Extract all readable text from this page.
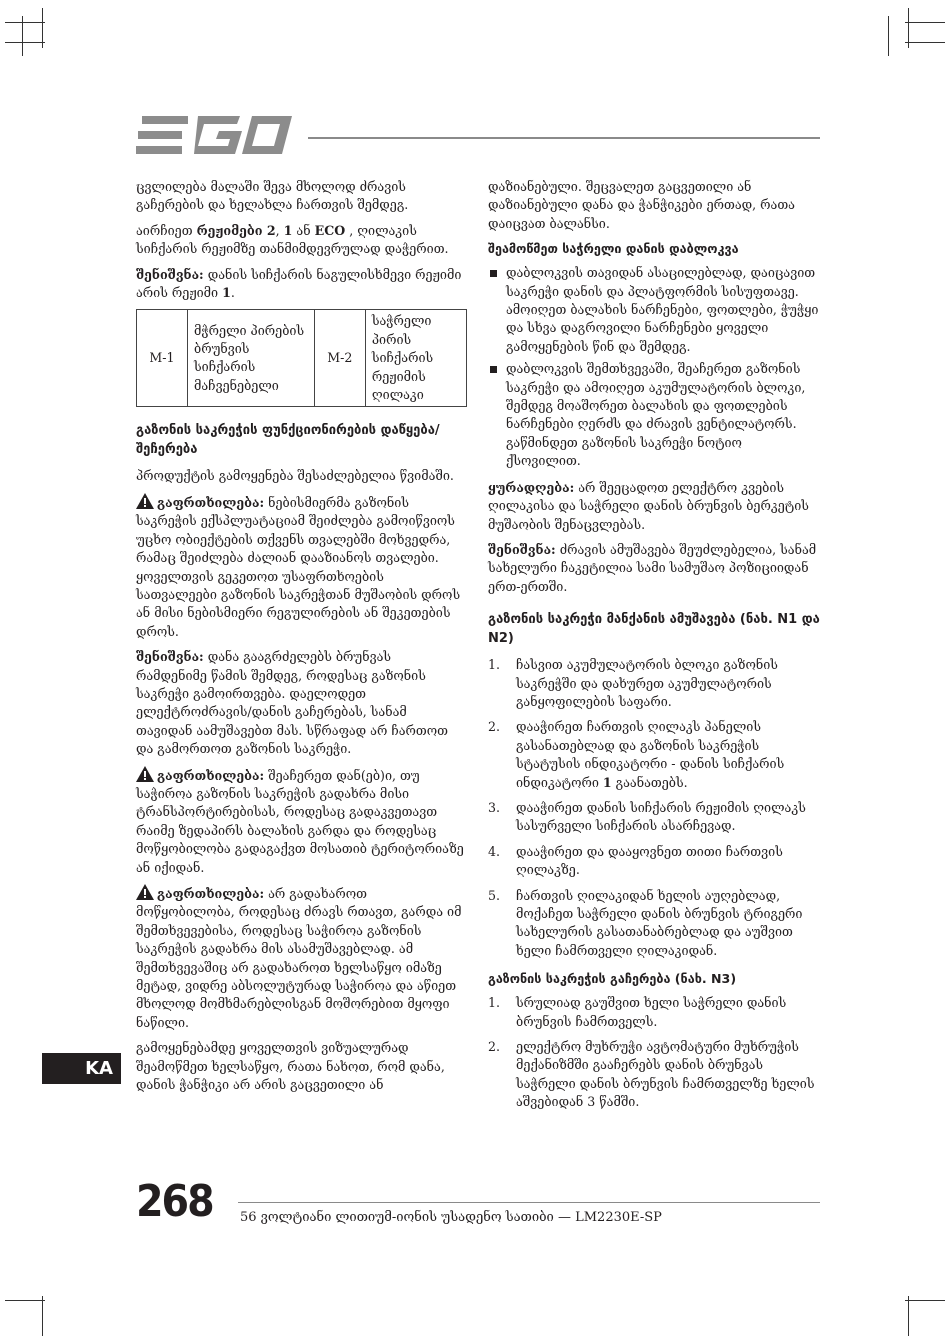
ცვლილება მალაში შევა მხოლოდ ძრავის გაჩერების და ხელახლა ჩართვის შემდეგ.

აირჩიეთ რეჟიმები 2, 1 ან ECO , ღილაკის სიჩქარის რეჟიმზე თანმიმდევრულად დაჭერით.

შენიშვნა: დანის სიჩქარის ნაგულისხმევი რეჟიმი არის რეჟიმი 1.

M-1	მჭრელი პირების ბრუნვის სიჩქარის მაჩვენებელი	M-2	საჭრელი პირის სიჩქარის რეჟიმის ღილაკი
გაზონის საკრეჭის ფუნქციონირების დაწყება/შეჩერება

პროდუქტის გამოყენება შესაძლებელია წვიმაში.

გაფრთხილება: ნებისმიერმა გაზონის საკრეჭის ექსპლუატაციამ შეიძლება გამოიწვიოს უცხო ობიექტების თქვენს თვალებში მოხვედრა, რამაც შეიძლება ძალიან დააზიანოს თვალები. ყოველთვის გეკეთოთ უსაფრთხოების სათვალეები გაზონის საკრეჭთან მუშაობის დროს ან მისი ნებისმიერი რეგულირების ან შეკეთების დროს.

შენიშვნა: დანა გააგრძელებს ბრუნვას რამდენიმე წამის შემდეგ, როდესაც გაზონის საკრეჭი გამოირთვება. დაელოდეთ ელექტროძრავის/დანის გაჩერებას, სანამ თავიდან აამუშავებთ მას. სწრაფად არ ჩართოთ და გამორთოთ გაზონის საკრეჭი.

გაფრთხილება: შეაჩერეთ დან(ებ)ი, თუ საჭიროა გაზონის საკრეჭის გადახრა მისი ტრანსპორტირებისას, როდესაც გადაკვეთავთ რაიმე ზედაპირს ბალახის გარდა და როდესაც მოწყობილობა გადაგაქვთ მოსათიბ ტერიტორიაზე ან იქიდან.

გაფრთხილება: არ გადახაროთ მოწყობილობა, როდესაც ძრავს რთავთ, გარდა იმ შემთხვევებისა, როდესაც საჭიროა გაზონის საკრეჭის გადახრა მის ასამუშავებლად. ამ შემთხვევაშიც არ გადახაროთ ხელსაწყო იმაზე მეტად, ვიდრე აბსოლუტურად საჭიროა და აწიეთ მხოლოდ მომხმარებლისგან მოშორებით მყოფი ნაწილი.

გამოყენებამდე ყოველთვის ვიზუალურად შეამოწმეთ ხელსაწყო, რათა ნახოთ, რომ დანა, დანის ჭანჭიკი არ არის გაცვეთილი ან

დაზიანებული. შეცვალეთ გაცვეთილი ან დაზიანებული დანა და ჭანჭიკები ერთად, რათა დაიცვათ ბალანსი.

შეამოწმეთ საჭრელი დანის დაბლოკვა
დაბლოკვის თავიდან ასაცილებლად, დაიცავით საკრეჭი დანის და პლატფორმის სისუფთავე. ამოიღეთ ბალახის ნარჩენები, ფოთლები, ჭუჭყი და სხვა დაგროვილი ნარჩენები ყოველი გამოყენების წინ და შემდეგ.
დაბლოკვის შემთხვევაში, შეაჩერეთ გაზონის საკრეჭი და ამოიღეთ აკუმულატორის ბლოკი, შემდეგ მოაშორეთ ბალახის და ფოთლების ნარჩენები ღერძს და ძრავის ვენტილატორს. გაწმინდეთ გაზონის საკრეჭი ნოტიო ქსოვილით.

ყურადღება: არ შეეცადოთ ელექტრო კვების ღილაკისა და საჭრელი დანის ბრუნვის ბერკეტის მუშაობის შენაცვლებას.

შენიშვნა: ძრავის ამუშავება შეუძლებელია, სანამ სახელური ჩაკეტილია სამი სამუშაო პოზიციიდან ერთ-ერთში.

გაზონის საკრეჭი მანქანის ამუშავება (ნახ. N1 და N2)
1. ჩასვით აკუმულატორის ბლოკი გაზონის საკრეჭში და დახურეთ აკუმულატორის განყოფილების საფარი.
2. დააჭირეთ ჩართვის ღილაკს პანელის გასანათებლად და გაზონის საკრეჭის სტატუსის ინდიკატორი - დანის სიჩქარის ინდიკატორი 1 გაანათებს.
3. დააჭირეთ დანის სიჩქარის რეჟიმის ღილაკს სასურველი სიჩქარის ასარჩევად.
4. დააჭირეთ და დააყოვნეთ თითი ჩართვის ღილაკზე.
5. ჩართვის ღილაკიდან ხელის აუღებლად, მოქაჩეთ საჭრელი დანის ბრუნვის ტრიგერი სახელურის გასათანაბრებლად და აუშვით ხელი ჩამრთველი ღილაკიდან.
გაზონის საკრეჭის გაჩერება (ნახ. N3)
1. სრულიად გაუშვით ხელი საჭრელი დანის ბრუნვის ჩამრთველს.
2. ელექტრო მუხრუჭი ავტომატური მუხრუჭის მექანიზმში გააჩერებს დანის ბრუნვას საჭრელი დანის ბრუნვის ჩამრთველზე ხელის აშვებიდან 3 წამში.
KA
268 56 ვოლტიანი ლითიუმ-იონის უსადენო სათიბი — LM2230E-SP
